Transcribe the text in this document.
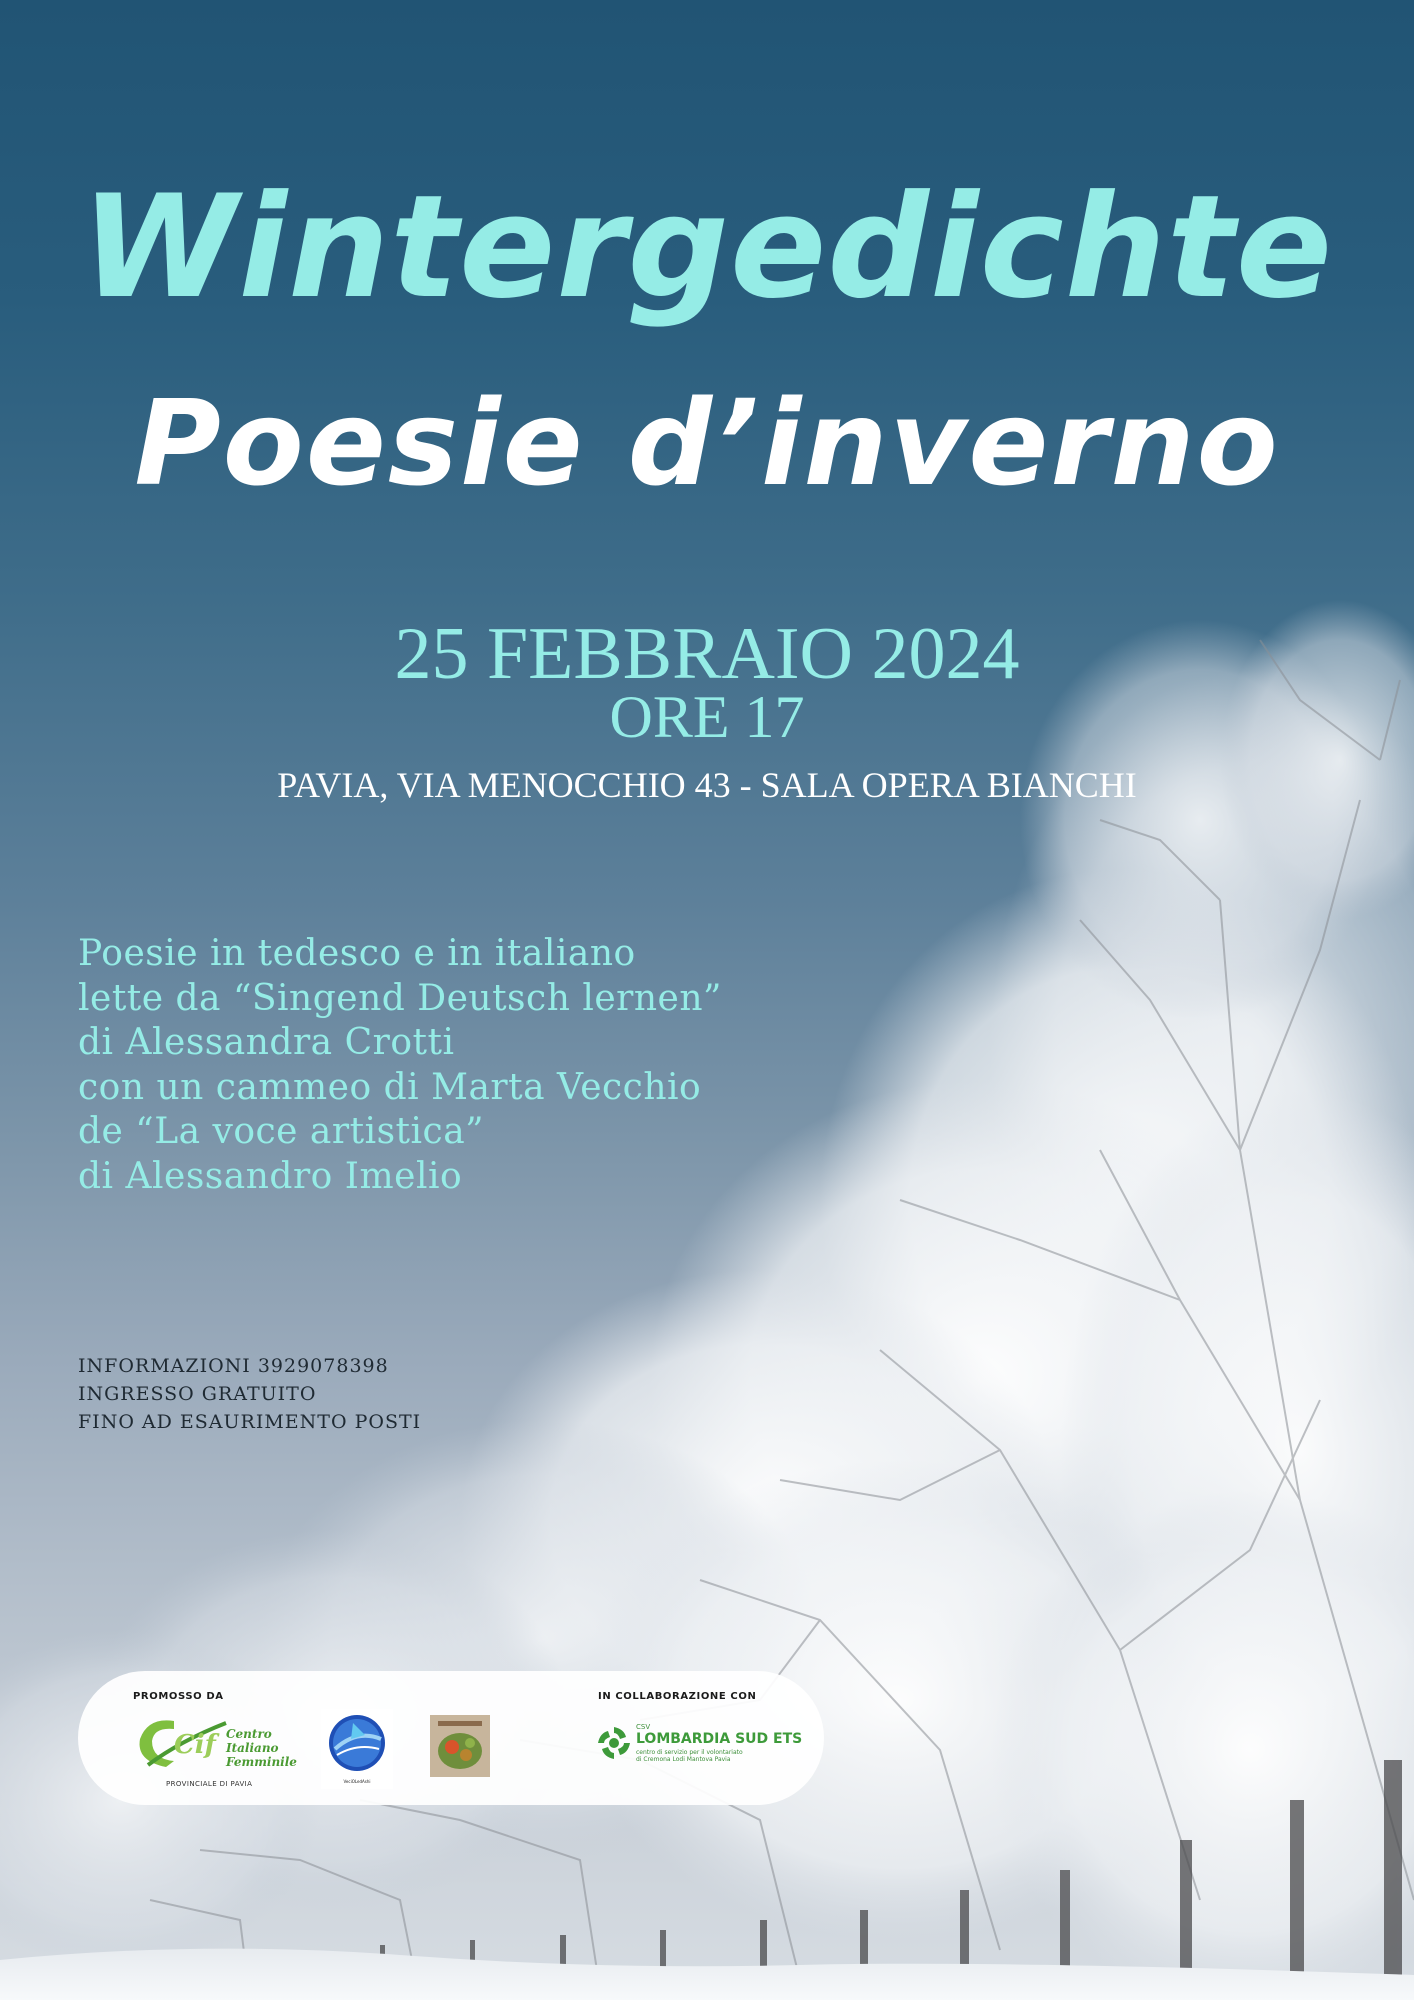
Wintergedichte
Poesie d’inverno
25 FEBBRAIO 2024
ORE 17
PAVIA, VIA MENOCCHIO 43 - SALA OPERA BIANCHI
Poesie in tedesco e in italiano
lette da “Singend Deutsch lernen”
di Alessandra Crotti
con un cammeo di Marta Vecchio
de “La voce artistica”
di Alessandro Imelio
INFORMAZIONI 3929078398
INGRESSO GRATUITO
FINO AD ESAURIMENTO POSTI
PROMOSSO DA	IN COLLABORAZIONE CON
Cif Centro
Italiano
Femminile
PROVINCIALE DI PAVIA	VeciOLedAshi
CSV
LOMBARDIA SUD ETS
centro di servizio per il volontariato
di Cremona Lodi Mantova Pavia
